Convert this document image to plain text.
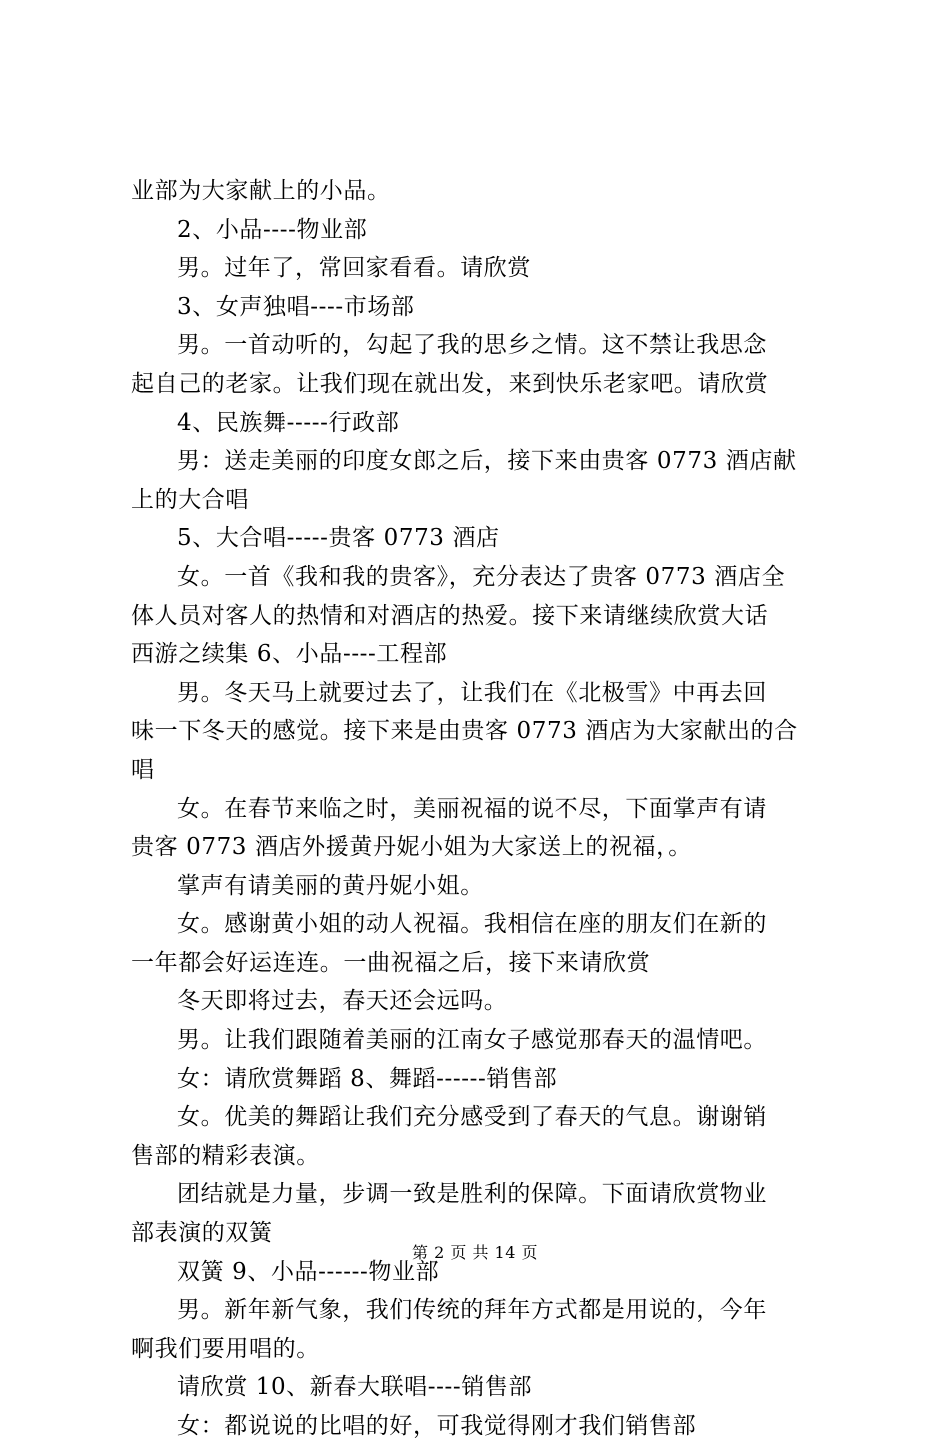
业部为大家献上的小品。
2、小品----物业部
男。过年了，常回家看看。请欣赏
3、女声独唱----市场部
男。一首动听的，勾起了我的思乡之情。这不禁让我思念
起自己的老家。让我们现在就出发，来到快乐老家吧。请欣赏
4、民族舞-----行政部
男：送走美丽的印度女郎之后，接下来由贵客 0773 酒店献
上的大合唱
5、大合唱-----贵客 0773 酒店
女。一首《我和我的贵客》，充分表达了贵客 0773 酒店全
体人员对客人的热情和对酒店的热爱。接下来请继续欣赏大话
西游之续集 6、小品----工程部
男。冬天马上就要过去了，让我们在《北极雪》中再去回
味一下冬天的感觉。接下来是由贵客 0773 酒店为大家献出的合
唱
女。在春节来临之时，美丽祝福的说不尽，下面掌声有请
贵客 0773 酒店外援黄丹妮小姐为大家送上的祝福，。
掌声有请美丽的黄丹妮小姐。
女。感谢黄小姐的动人祝福。我相信在座的朋友们在新的
一年都会好运连连。一曲祝福之后，接下来请欣赏
冬天即将过去，春天还会远吗。
男。让我们跟随着美丽的江南女子感觉那春天的温情吧。
女：请欣赏舞蹈 8、舞蹈------销售部
女。优美的舞蹈让我们充分感受到了春天的气息。谢谢销
售部的精彩表演。
团结就是力量，步调一致是胜利的保障。下面请欣赏物业
部表演的双簧
双簧 9、小品------物业部
男。新年新气象，我们传统的拜年方式都是用说的，今年
啊我们要用唱的。
请欣赏 10、新春大联唱----销售部
女：都说说的比唱的好，可我觉得刚才我们销售部
第 2 页 共 14 页
